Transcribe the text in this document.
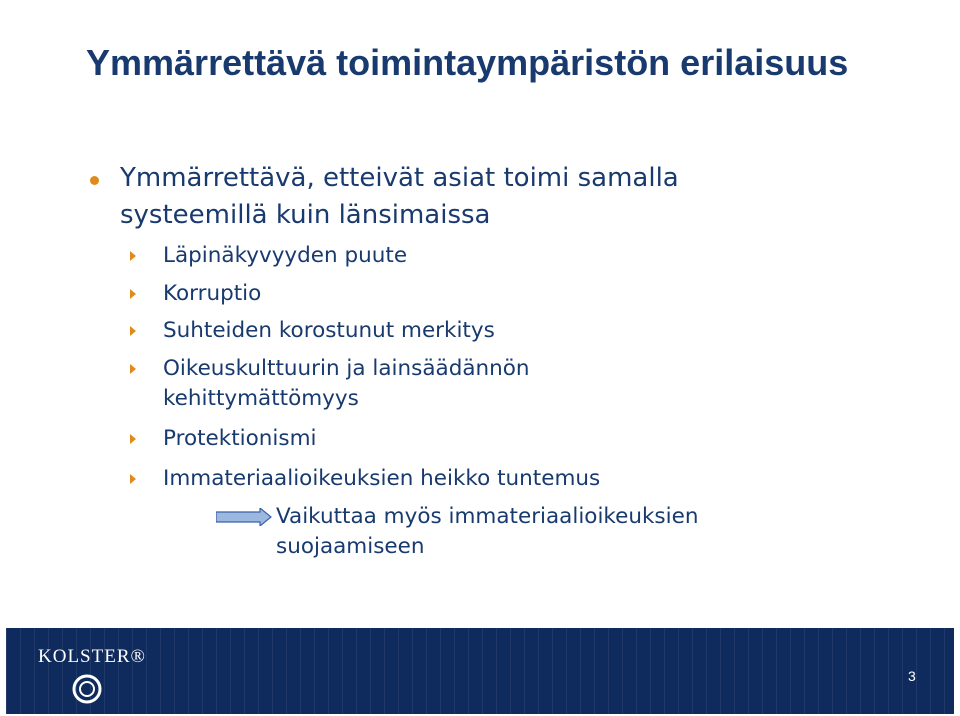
Ymmärrettävä toimintaympäristön erilaisuus
Ymmärrettävä, etteivät asiat toimi samalla systeemillä kuin länsimaissa
Läpinäkyvyyden puute
Korruptio
Suhteiden korostunut merkitys
Oikeuskulttuurin ja lainsäädännön kehittymättömyys
Protektionismi
Immateriaalioikeuksien heikko tuntemus
Vaikuttaa myös immateriaalioikeuksien suojaamiseen
KOLSTER®
3
